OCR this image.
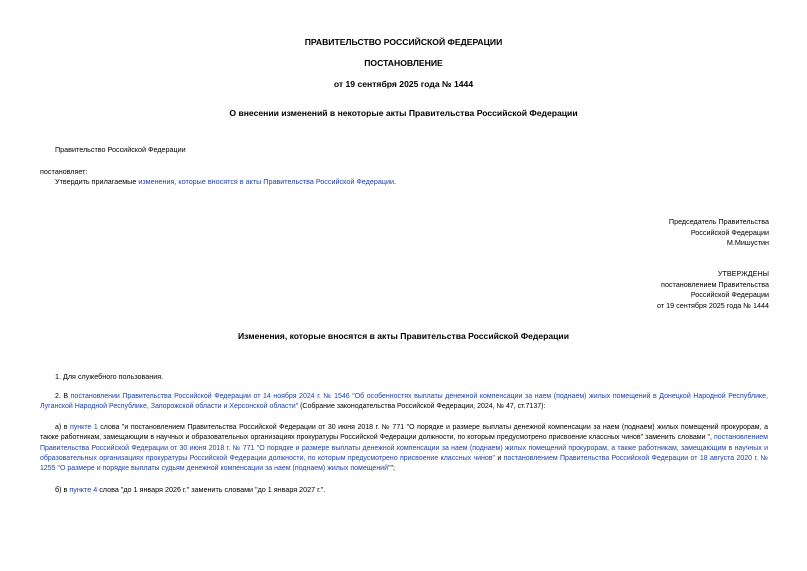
ПРАВИТЕЛЬСТВО РОССИЙСКОЙ ФЕДЕРАЦИИ
ПОСТАНОВЛЕНИЕ
от 19 сентября 2025 года № 1444
О внесении изменений в некоторые акты Правительства Российской Федерации
Правительство Российской Федерации
постановляет:
Утвердить прилагаемые изменения, которые вносятся в акты Правительства Российской Федерации.
Председатель Правительства
Российской Федерации
М.Мишустин
УТВЕРЖДЕНЫ
постановлением Правительства
Российской Федерации
от 19 сентября 2025 года № 1444
Изменения, которые вносятся в акты Правительства Российской Федерации
1. Для служебного пользования.
2. В постановлении Правительства Российской Федерации от 14 ноября 2024 г. № 1546 "Об особенностях выплаты денежной компенсации за наем (поднаем) жилых помещений в Донецкой Народной Республике, Луганской Народной Республике, Запорожской области и Херсонской области" (Собрание законодательства Российской Федерации, 2024, № 47, ст.7137):
а) в пункте 1 слова "и постановлением Правительства Российской Федерации от 30 июня 2018 г. № 771 "О порядке и размере выплаты денежной компенсации за наем (поднаем) жилых помещений прокурорам, а также работникам, замещающим в научных и образовательных организациях прокуратуры Российской Федерации должности, по которым предусмотрено присвоение классных чинов" заменить словами ", постановлением Правительства Российской Федерации от 30 июня 2018 г. № 771 "О порядке и размере выплаты денежной компенсации за наем (поднаем) жилых помещений прокурорам, а также работникам, замещающим в научных и образовательных организациях прокуратуры Российской Федерации должности, по которым предусмотрено присвоение классных чинов" и постановлением Правительства Российской Федерации от 18 августа 2020 г. № 1255 "О размере и порядке выплаты судьям денежной компенсации за наем (поднаем) жилых помещений"";
б) в пункте 4 слова "до 1 января 2026 г." заменить словами "до 1 января 2027 г.".
